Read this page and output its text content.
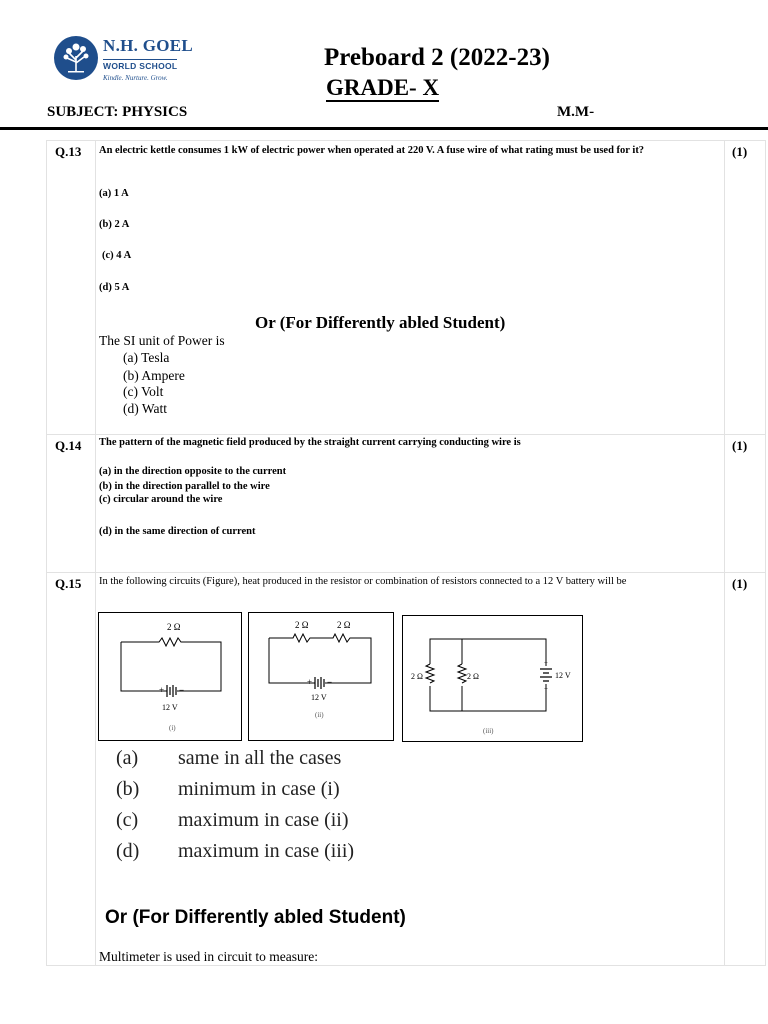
N.H. GOEL
WORLD SCHOOL
Kindle. Nurture. Grow.
Preboard 2 (2022-23)
GRADE- X
SUBJECT: PHYSICS	M.M-
Q.13 An electric kettle consumes 1 kW of electric power when operated at 220 V. A fuse wire of what rating must be used for it?	(1)
(a) 1 A
(b) 2 A
(c) 4 A
(d) 5 A
Or (For Differently abled Student)
The SI unit of Power is
(a) Tesla
(b) Ampere
(c) Volt
(d) Watt
Q.14 The pattern of the magnetic field produced by the straight current carrying conducting wire is	(1)
(a) in the direction opposite to the current
(b) in the direction parallel to the wire
(c) circular around the wire
(d) in the same direction of current
Q.15 In the following circuits (Figure), heat produced in the resistor or combination of resistors connected to a 12 V battery will be	(1)
2 Ω
+ −
12 V
(i)
2 Ω	2 Ω
+ −
12 V
(ii)
2 Ω	2 Ω
−
+
12 V
(iii)
(a) same in all the cases
(b) minimum in case (i)
(c) maximum in case (ii)
(d) maximum in case (iii)
Or (For Differently abled Student)
Multimeter is used in circuit to measure:
